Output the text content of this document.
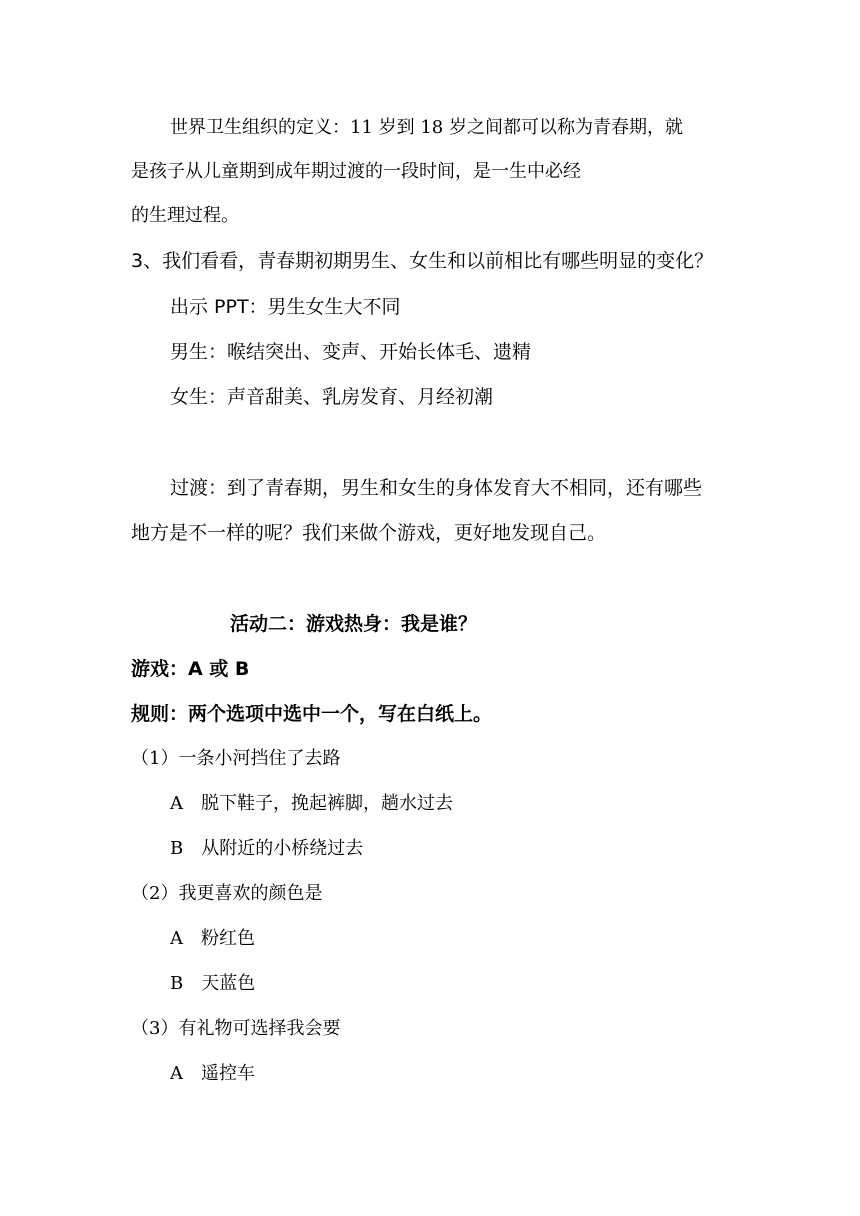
世界卫生组织的定义：11 岁到 18 岁之间都可以称为青春期，就
是孩子从儿童期到成年期过渡的一段时间，是一生中必经
的生理过程。
3、我们看看，青春期初期男生、女生和以前相比有哪些明显的变化？
出示 PPT：男生女生大不同
男生：喉结突出、变声、开始长体毛、遗精
女生：声音甜美、乳房发育、月经初潮
过渡：到了青春期，男生和女生的身体发育大不相同，还有哪些
地方是不一样的呢？我们来做个游戏，更好地发现自己。
活动二：游戏热身：我是谁？
游戏：A 或 B
规则：两个选项中选中一个，写在白纸上。
（1）一条小河挡住了去路
A　脱下鞋子，挽起裤脚，趟水过去
B　从附近的小桥绕过去
（2）我更喜欢的颜色是
A　粉红色
B　天蓝色
（3）有礼物可选择我会要
A　遥控车
